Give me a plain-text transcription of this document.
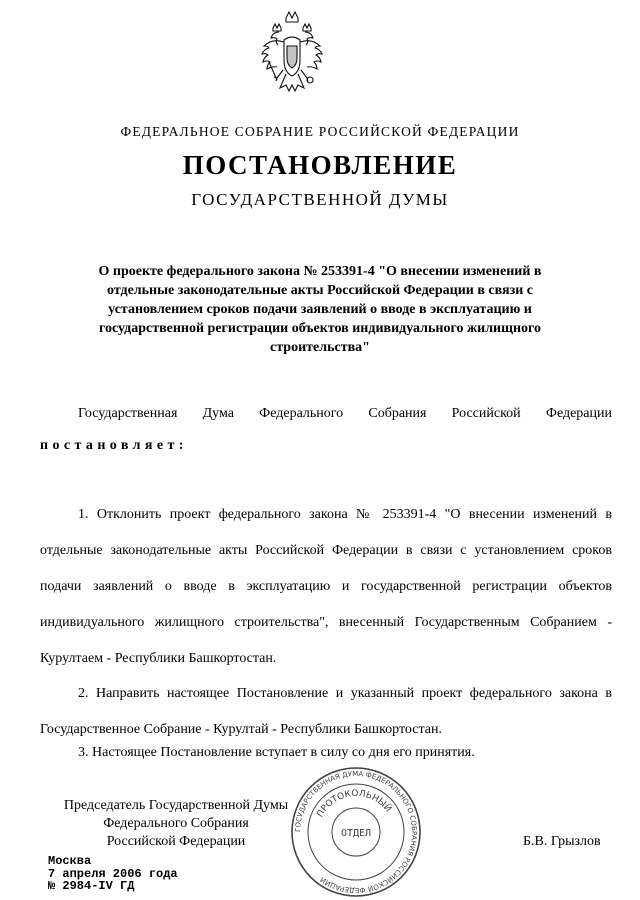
ФЕДЕРАЛЬНОЕ СОБРАНИЕ РОССИЙСКОЙ ФЕДЕРАЦИИ
ПОСТАНОВЛЕНИЕ
ГОСУДАРСТВЕННОЙ ДУМЫ
О проекте федерального закона № 253391-4 "О внесении изменений в отдельные законодательные акты Российской Федерации в связи с установлением сроков подачи заявлений о вводе в эксплуатацию и государственной регистрации объектов индивидуального жилищного строительства"
Государственная Дума Федерального Собрания Российской Федерации
постановляет:
1. Отклонить проект федерального закона № 253391-4 "О внесении изменений в отдельные законодательные акты Российской Федерации в связи с установлением сроков подачи заявлений о вводе в эксплуатацию и государственной регистрации объектов индивидуального жилищного строительства", внесенный Государственным Собранием - Курултаем - Республики Башкортостан.
2. Направить настоящее Постановление и указанный проект федерального закона в Государственное Собрание - Курултай - Республики Башкортостан.
3. Настоящее Постановление вступает в силу со дня его принятия.
ГОСУДАРСТВЕННАЯ ДУМА ФЕДЕРАЛЬНОГО СОБРАНИЯ РОССИЙСКОЙ ФЕДЕРАЦИИ
ПРОТОКОЛЬНЫЙ
ОТДЕЛ
Председатель Государственной Думы
Федерального Собрания
Российской Федерации	Б.В. Грызлов
Москва
7 апреля 2006 года
№ 2984-IV ГД
